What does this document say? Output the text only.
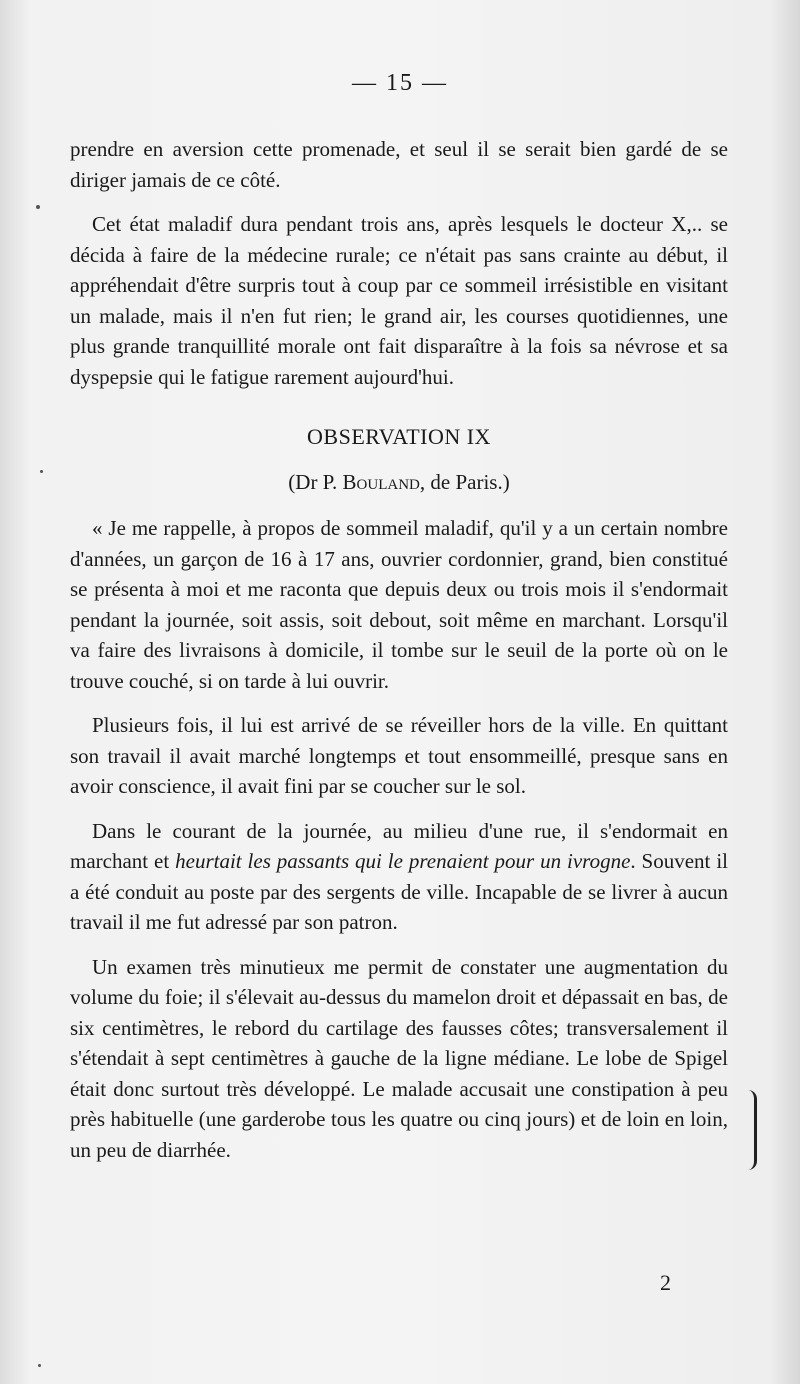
— 15 —

prendre en aversion cette promenade, et seul il se serait bien gardé de se diriger jamais de ce côté.

Cet état maladif dura pendant trois ans, après lesquels le docteur X,.. se décida à faire de la médecine rurale; ce n'était pas sans crainte au début, il appréhendait d'être surpris tout à coup par ce sommeil irrésistible en visitant un malade, mais il n'en fut rien; le grand air, les courses quotidiennes, une plus grande tranquillité morale ont fait disparaître à la fois sa névrose et sa dyspepsie qui le fatigue rarement aujourd'hui.

OBSERVATION IX

(Dr P. Bouland, de Paris.)

« Je me rappelle, à propos de sommeil maladif, qu'il y a un certain nombre d'années, un garçon de 16 à 17 ans, ouvrier cordonnier, grand, bien constitué se présenta à moi et me raconta que depuis deux ou trois mois il s'endormait pendant la journée, soit assis, soit debout, soit même en marchant. Lorsqu'il va faire des livraisons à domicile, il tombe sur le seuil de la porte où on le trouve couché, si on tarde à lui ouvrir.

Plusieurs fois, il lui est arrivé de se réveiller hors de la ville. En quittant son travail il avait marché longtemps et tout ensommeillé, presque sans en avoir conscience, il avait fini par se coucher sur le sol.

Dans le courant de la journée, au milieu d'une rue, il s'endormait en marchant et heurtait les passants qui le prenaient pour un ivrogne. Souvent il a été conduit au poste par des sergents de ville. Incapable de se livrer à aucun travail il me fut adressé par son patron.

Un examen très minutieux me permit de constater une augmentation du volume du foie; il s'élevait au-dessus du mamelon droit et dépassait en bas, de six centimètres, le rebord du cartilage des fausses côtes; transversalement il s'étendait à sept centimètres à gauche de la ligne médiane. Le lobe de Spigel était donc surtout très développé. Le malade accusait une constipation à peu près habituelle (une garderobe tous les quatre ou cinq jours) et de loin en loin, un peu de diarrhée.

2
